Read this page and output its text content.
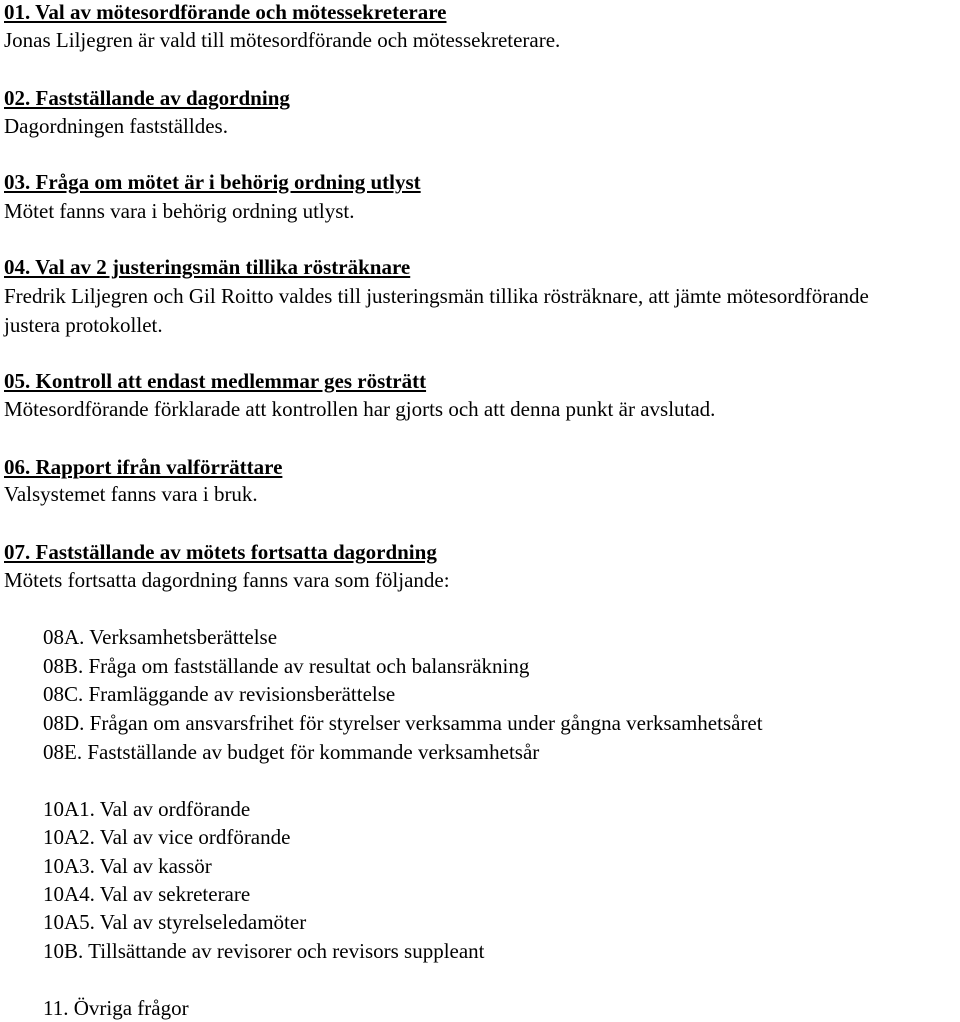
01. Val av mötesordförande och mötessekreterare

Jonas Liljegren är vald till mötesordförande och mötessekreterare.

02. Fastställande av dagordning

Dagordningen fastställdes.

03. Fråga om mötet är i behörig ordning utlyst

Mötet fanns vara i behörig ordning utlyst.

04. Val av 2 justeringsmän tillika rösträknare

Fredrik Liljegren och Gil Roitto valdes till justeringsmän tillika rösträknare, att jämte mötesordförande

justera protokollet.

05. Kontroll att endast medlemmar ges rösträtt

Mötesordförande förklarade att kontrollen har gjorts och att denna punkt är avslutad.

06. Rapport ifrån valförrättare

Valsystemet fanns vara i bruk.

07. Fastställande av mötets fortsatta dagordning

Mötets fortsatta dagordning fanns vara som följande:

08A. Verksamhetsberättelse

08B. Fråga om fastställande av resultat och balansräkning

08C. Framläggande av revisionsberättelse

08D. Frågan om ansvarsfrihet för styrelser verksamma under gångna verksamhetsåret

08E. Fastställande av budget för kommande verksamhetsår

10A1. Val av ordförande

10A2. Val av vice ordförande

10A3. Val av kassör

10A4. Val av sekreterare

10A5. Val av styrelseledamöter

10B. Tillsättande av revisorer och revisors suppleant

11. Övriga frågor
